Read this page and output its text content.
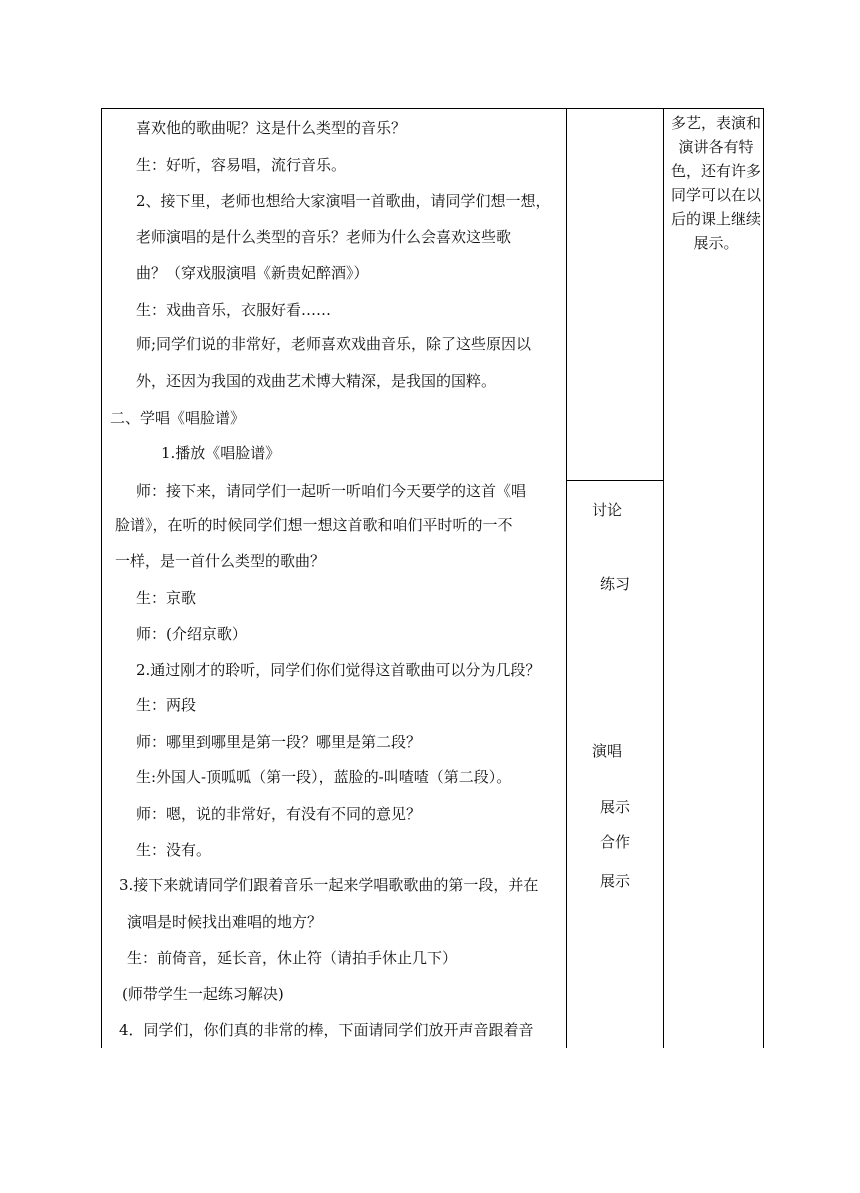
喜欢他的歌曲呢？这是什么类型的音乐？
生：好听，容易唱，流行音乐。
2、接下里，老师也想给大家演唱一首歌曲，请同学们想一想，
老师演唱的是什么类型的音乐？老师为什么会喜欢这些歌
曲？（穿戏服演唱《新贵妃醉酒》）
生：戏曲音乐，衣服好看……
师;同学们说的非常好，老师喜欢戏曲音乐，除了这些原因以
外，还因为我国的戏曲艺术博大精深，是我国的国粹。
二、学唱《唱脸谱》
1.播放《唱脸谱》
师：接下来，请同学们一起听一听咱们今天要学的这首《唱
脸谱》，在听的时候同学们想一想这首歌和咱们平时听的一不
一样，是一首什么类型的歌曲？
生：京歌
师：(介绍京歌）
2.通过刚才的聆听，同学们你们觉得这首歌曲可以分为几段？
生：两段
师：哪里到哪里是第一段？哪里是第二段？
生:外国人-顶呱呱（第一段），蓝脸的-叫喳喳（第二段）。
师：嗯，说的非常好，有没有不同的意见？
生：没有。
3.接下来就请同学们跟着音乐一起来学唱歌歌曲的第一段，并在
演唱是时候找出难唱的地方？
生：前倚音，延长音，休止符（请拍手休止几下）
(师带学生一起练习解决)
4．同学们，你们真的非常的棒，下面请同学们放开声音跟着音
讨论
练习
演唱
展示
合作
展示
多艺，表演和演讲各有特色，还有许多同学可以在以后的课上继续展示。
